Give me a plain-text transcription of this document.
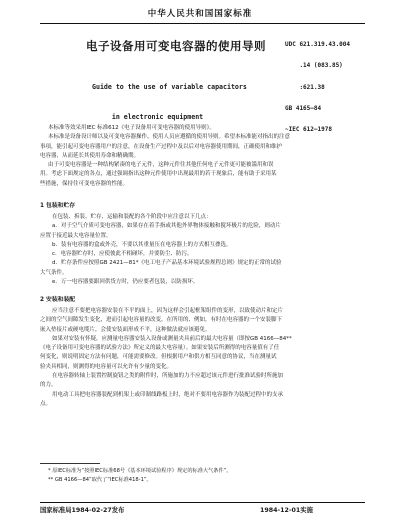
中华人民共和国国家标准

UDC 621.319.43.004

.14 (083.85)

:621.38

GB 4165—84

~IEC 612—1978

电子设备用可变电容器的使用导则

Guide to the use of variable capacitors

in electronic equipment

本标准等效采用IEC 标准612《电子设备用可变电容器的使用导则》。
本标准是设备设计师以及可变电容器操作、使用人员应遵循的使用导则。希望本标准能对指出的注意
事项，能引起可变电容器用户的注意，在设备生产过程中及以后对电容器使用期间，正确使用和维护
电容器，从而延长其使用寿命和精确期。
由于可变电容器是一种结构紧凑的电子元件，这种元件往其他任何电子元件更可能被滥用和误
用。考虑下面规定的各点，通过强调指出这种元件使用中出现最用的若干现象后，能有助于采用某
些措施，保持住可变电容器的性能。
1 包装和贮存
在包装、拆装、贮存、运输和装配的各个阶段中应注意以下几点：
a．对于空气介质可变电容器，如果存在着手指或其他外界物体接触和搅坏极片的危险，则动片
应置于接近最大电容量位置。
b．装有电容器的盒或外壳，不要以其重量压在电容器上的方式相互叠选。
c．电容器贮存时，应使彼此不相碰坏，并要防尘、防污。
d．贮存条件应按照GB 2421—81*《电工电子产品基本环境试验规程总则》规定的正常的试验
大气条件。
e．万一电容器要跟回供货方时，仍应要者包装，以防损坏。
2 安装和装配
应当注意不要把电容器安装在不平的面上，因为这样会引起框架组件的变形，以致使动片和定片
之间的空气间隙发生变化，进而引起电容量的改变，在所用的、例如，有时在电容器的一个安装脚下
嵌入垫接片或硬电缆片，会使安装面形成不平，这种做法就应该避免。
如果对安装有怀疑，应测量电容器安装入设备或测量夹具前后的最大电容量（即按GB 4166—84**
《电子设备用可变电容器的试验方法》所定义的最大电容量）。如果安装后所测得的电容量值有了任
何变化，则说明固定方法有问题，可能需要修改。但根据用户和供方相互同意的协议，当在测量试
验夹具相同，则测得的电容量可以允许有少量的变化。
在电容器转轴上装置控制旋钮之类的附件时，所施加的力不应超过该元件进行批准试验时所施加
的力。
用电动工具把电容器装配到机架上或印制线路板上时，绝对不要用电容器作为装配过程中的支承
点。
* 原IEC标准为“按照IEC标准68号《基本环境试验程序》规定的标准大气条件”。
** GB 4166—84”取代了“IEC标准418-1”。
国家标准局1984-02-27发布	1984-12-01实施
